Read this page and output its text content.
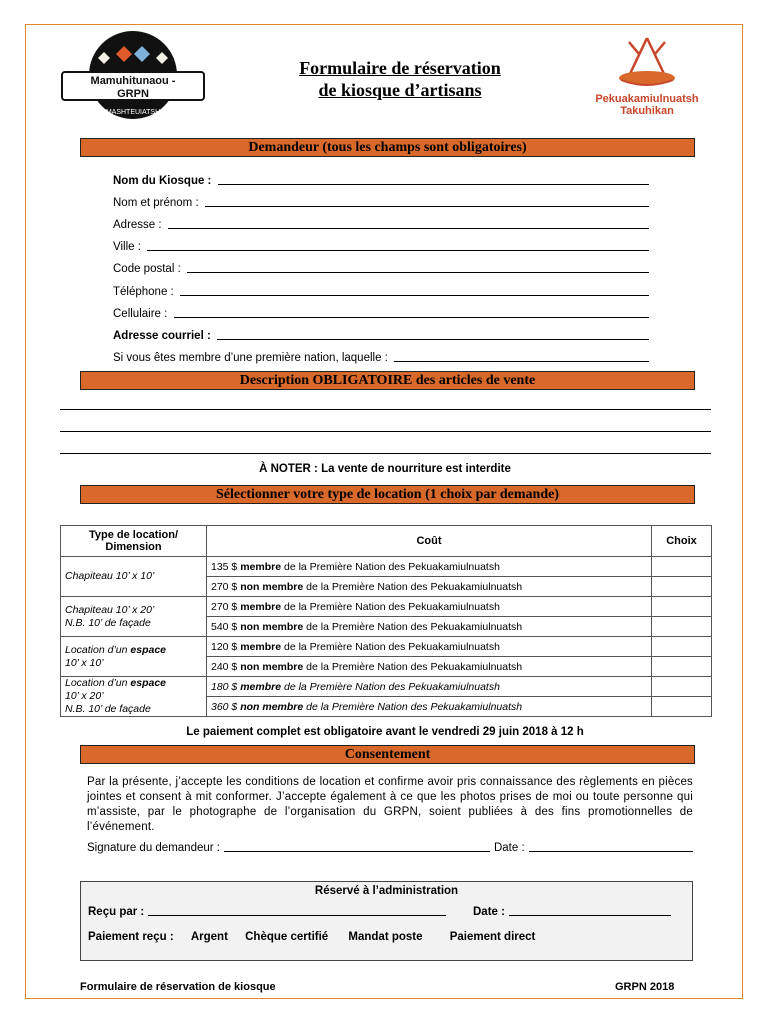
Mamuhitunaou -
GRPN
MASHTEUIATSH
Formulaire de réservation
de kiosque d’artisans	Pekuakamiulnuatsh
Takuhikan
Demandeur (tous les champs sont obligatoires)
Nom du Kiosque :
Nom et prénom :
Adresse :
Ville :
Code postal :
Téléphone :
Cellulaire :
Adresse courriel :
Si vous êtes membre d’une première nation, laquelle :
Description OBLIGATOIRE des articles de vente
À NOTER : La vente de nourriture est interdite
Sélectionner votre type de location (1 choix par demande)
Type de location/ Dimension	Coût	Choix
Chapiteau 10’ x 10’	135 $ membre de la Première Nation des Pekuakamiulnuatsh	
	270 $ non membre de la Première Nation des Pekuakamiulnuatsh	
Chapiteau 10’ x 20’
N.B. 10’ de façade	270 $ membre de la Première Nation des Pekuakamiulnuatsh	
	540 $ non membre de la Première Nation des Pekuakamiulnuatsh	
Location d’un espace
10’ x 10’	120 $ membre de la Première Nation des Pekuakamiulnuatsh	
	240 $ non membre de la Première Nation des Pekuakamiulnuatsh	
Location d’un espace
10’ x 20’
N.B. 10’ de façade	180 $ membre de la Première Nation des Pekuakamiulnuatsh	
	360 $ non membre de la Première Nation des Pekuakamiulnuatsh	
Le paiement complet est obligatoire avant le vendredi 29 juin 2018 à 12 h
Consentement
Par la présente, j’accepte les conditions de location et confirme avoir pris connaissance des règlements en pièces jointes et consent à mit conformer. J’accepte également à ce que les photos prises de moi ou toute personne qui m’assiste, par le photographe de l’organisation du GRPN, soient publiées à des fins promotionnelles de l’événement.
Signature du demandeur :	Date :
Réservé à l’administration
Reçu par :	Date :
Paiement reçu : Argent Chèque certifié Mandat poste Paiement direct
Formulaire de réservation de kiosque	GRPN 2018
